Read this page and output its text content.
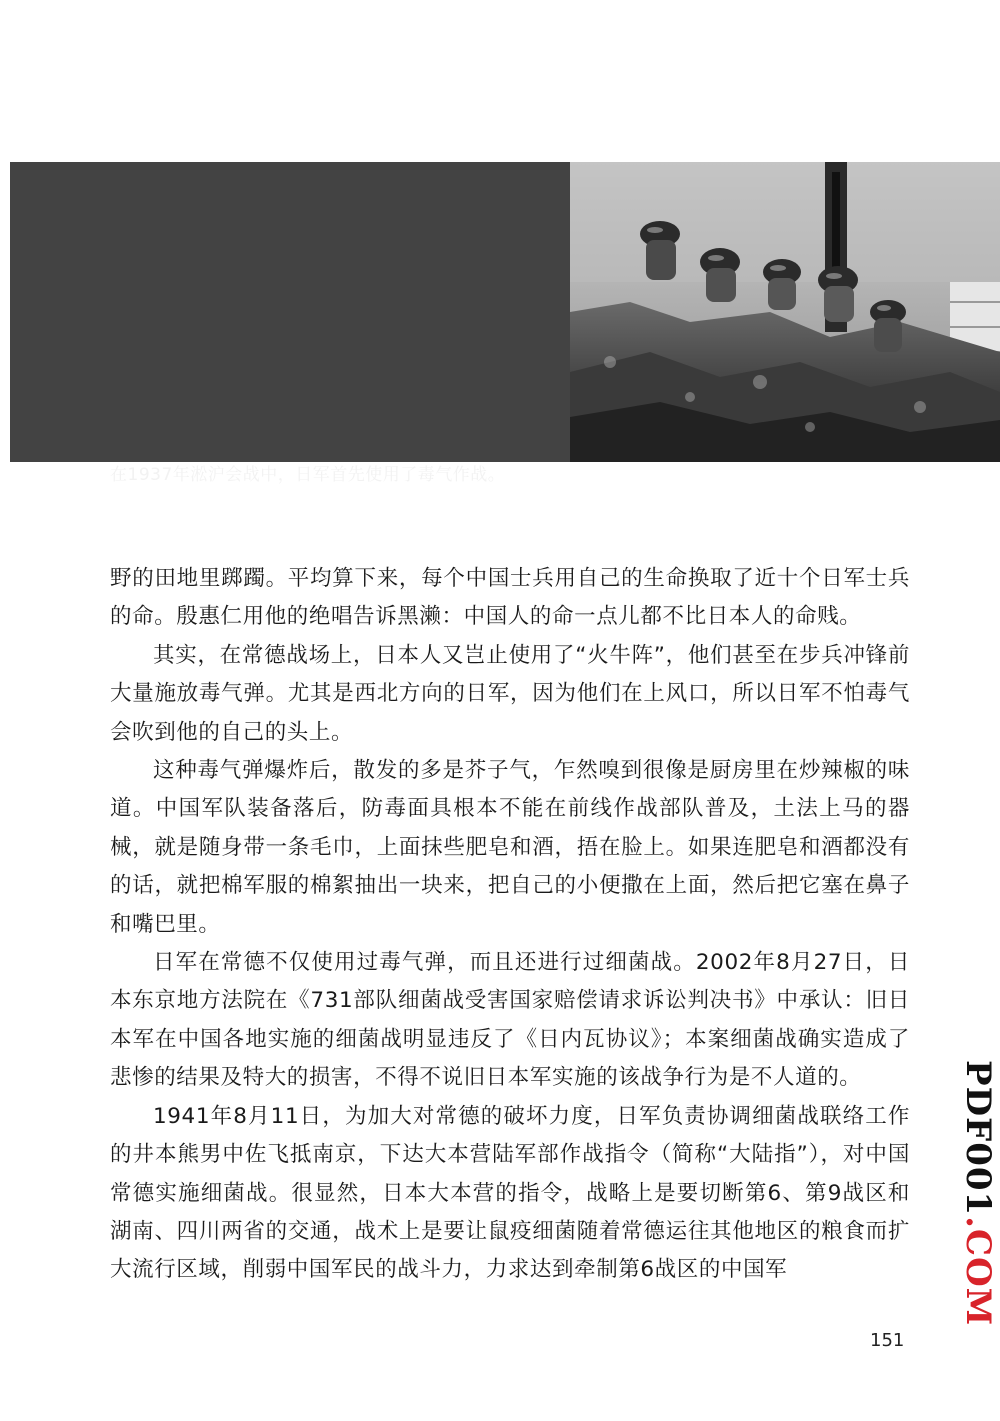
在1937年淞沪会战中，日军首先使用了毒气作战。

野的田地里踯躅。平均算下来，每个中国士兵用自己的生命换取了近十个日军士兵的命。殷惠仁用他的绝唱告诉黑濑：中国人的命一点儿都不比日本人的命贱。

其实，在常德战场上，日本人又岂止使用了“火牛阵”，他们甚至在步兵冲锋前大量施放毒气弹。尤其是西北方向的日军，因为他们在上风口，所以日军不怕毒气会吹到他的自己的头上。

这种毒气弹爆炸后，散发的多是芥子气，乍然嗅到很像是厨房里在炒辣椒的味道。中国军队装备落后，防毒面具根本不能在前线作战部队普及，土法上马的器械，就是随身带一条毛巾，上面抹些肥皂和酒，捂在脸上。如果连肥皂和酒都没有的话，就把棉军服的棉絮抽出一块来，把自己的小便撒在上面，然后把它塞在鼻子和嘴巴里。

日军在常德不仅使用过毒气弹，而且还进行过细菌战。2002年8月27日，日本东京地方法院在《731部队细菌战受害国家赔偿请求诉讼判决书》中承认：旧日本军在中国各地实施的细菌战明显违反了《日内瓦协议》；本案细菌战确实造成了悲惨的结果及特大的损害，不得不说旧日本军实施的该战争行为是不人道的。

1941年8月11日，为加大对常德的破坏力度，日军负责协调细菌战联络工作的井本熊男中佐飞抵南京，下达大本营陆军部作战指令（简称“大陆指”），对中国常德实施细菌战。很显然，日本大本营的指令，战略上是要切断第6、第9战区和湖南、四川两省的交通，战术上是要让鼠疫细菌随着常德运往其他地区的粮食而扩大流行区域，削弱中国军民的战斗力，力求达到牵制第6战区的中国军

PDF001.COM
151
